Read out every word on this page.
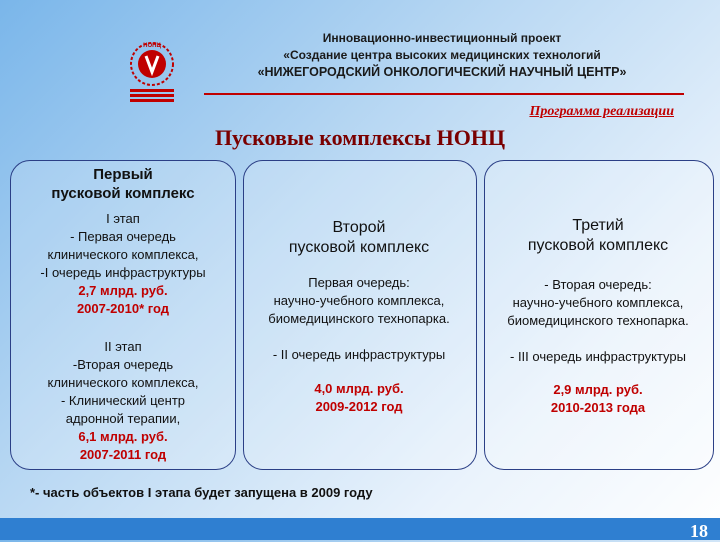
НОНЦ
Инновационно-инвестиционный проект
«Создание центра высоких медицинских технологий
«НИЖЕГОРОДСКИЙ ОНКОЛОГИЧЕСКИЙ НАУЧНЫЙ ЦЕНТР»
Программа реализации
Пусковые комплексы НОНЦ
Первый
пусковой комплекс
I этап
- Первая очередь
клинического комплекса,
-I очередь инфраструктуры
2,7 млрд. руб.
2007-2010* год
II этап
-Вторая очередь
клинического комплекса,
- Клинический центр
адронной терапии,
6,1 млрд. руб.
2007-2011 год
Второй
пусковой комплекс
Первая очередь:
научно-учебного комплекса,
биомедицинского технопарка.
- II очередь инфраструктуры
4,0 млрд. руб.
2009-2012 год
Третий
пусковой комплекс
- Вторая очередь:
научно-учебного комплекса,
биомедицинского технопарка.
- III очередь инфраструктуры
2,9 млрд. руб.
2010-2013 года
*- часть объектов I этапа будет запущена в 2009 году
18
